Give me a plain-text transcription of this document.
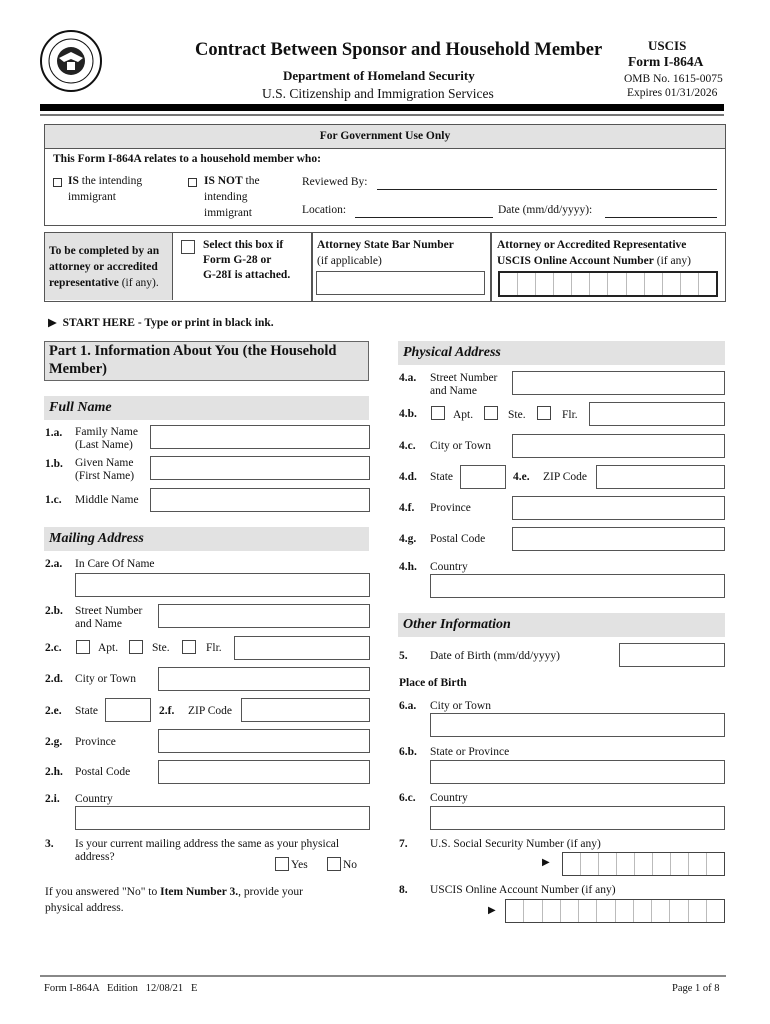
Contract Between Sponsor and Household Member
Department of Homeland Security
U.S. Citizenship and Immigration Services
USCIS
Form I-864A
OMB No. 1615-0075
Expires 01/31/2026
For Government Use Only
This Form I-864A relates to a household member who:
IS the intending
immigrant
IS NOT the
intending
immigrant
Reviewed By:
Location:	Date (mm/dd/yyyy):
To be completed by an
attorney or accredited
representative (if any).
Select this box if
Form G-28 or
G-28I is attached.
Attorney State Bar Number
(if applicable)
Attorney or Accredited Representative
USCIS Online Account Number (if any)
▶ START HERE - Type or print in black ink.
Part 1. Information About You (the Household
Member)
Full Name
1.a. Family Name
(Last Name)
1.b. Given Name
(First Name)
1.c. Middle Name
Mailing Address
2.a. In Care Of Name
2.b. Street Number
and Name
2.c.	Apt.	Ste.	Flr.
2.d. City or Town
2.e. State	2.f. ZIP Code
2.g. Province
2.h. Postal Code
2.i. Country
3. Is your current mailing address the same as your physical
address?
Yes	No
If you answered "No" to Item Number 3., provide your
physical address.
Physical Address
4.a. Street Number
and Name
4.b.	Apt.	Ste.	Flr.
4.c. City or Town
4.d. State	4.e. ZIP Code
4.f. Province
4.g. Postal Code
4.h. Country
Other Information
5. Date of Birth (mm/dd/yyyy)
Place of Birth
6.a. City or Town
6.b. State or Province
6.c. Country
7. U.S. Social Security Number (if any)
▶
8. USCIS Online Account Number (if any)
▶
Form I-864A   Edition   12/08/21   E	Page 1 of 8
